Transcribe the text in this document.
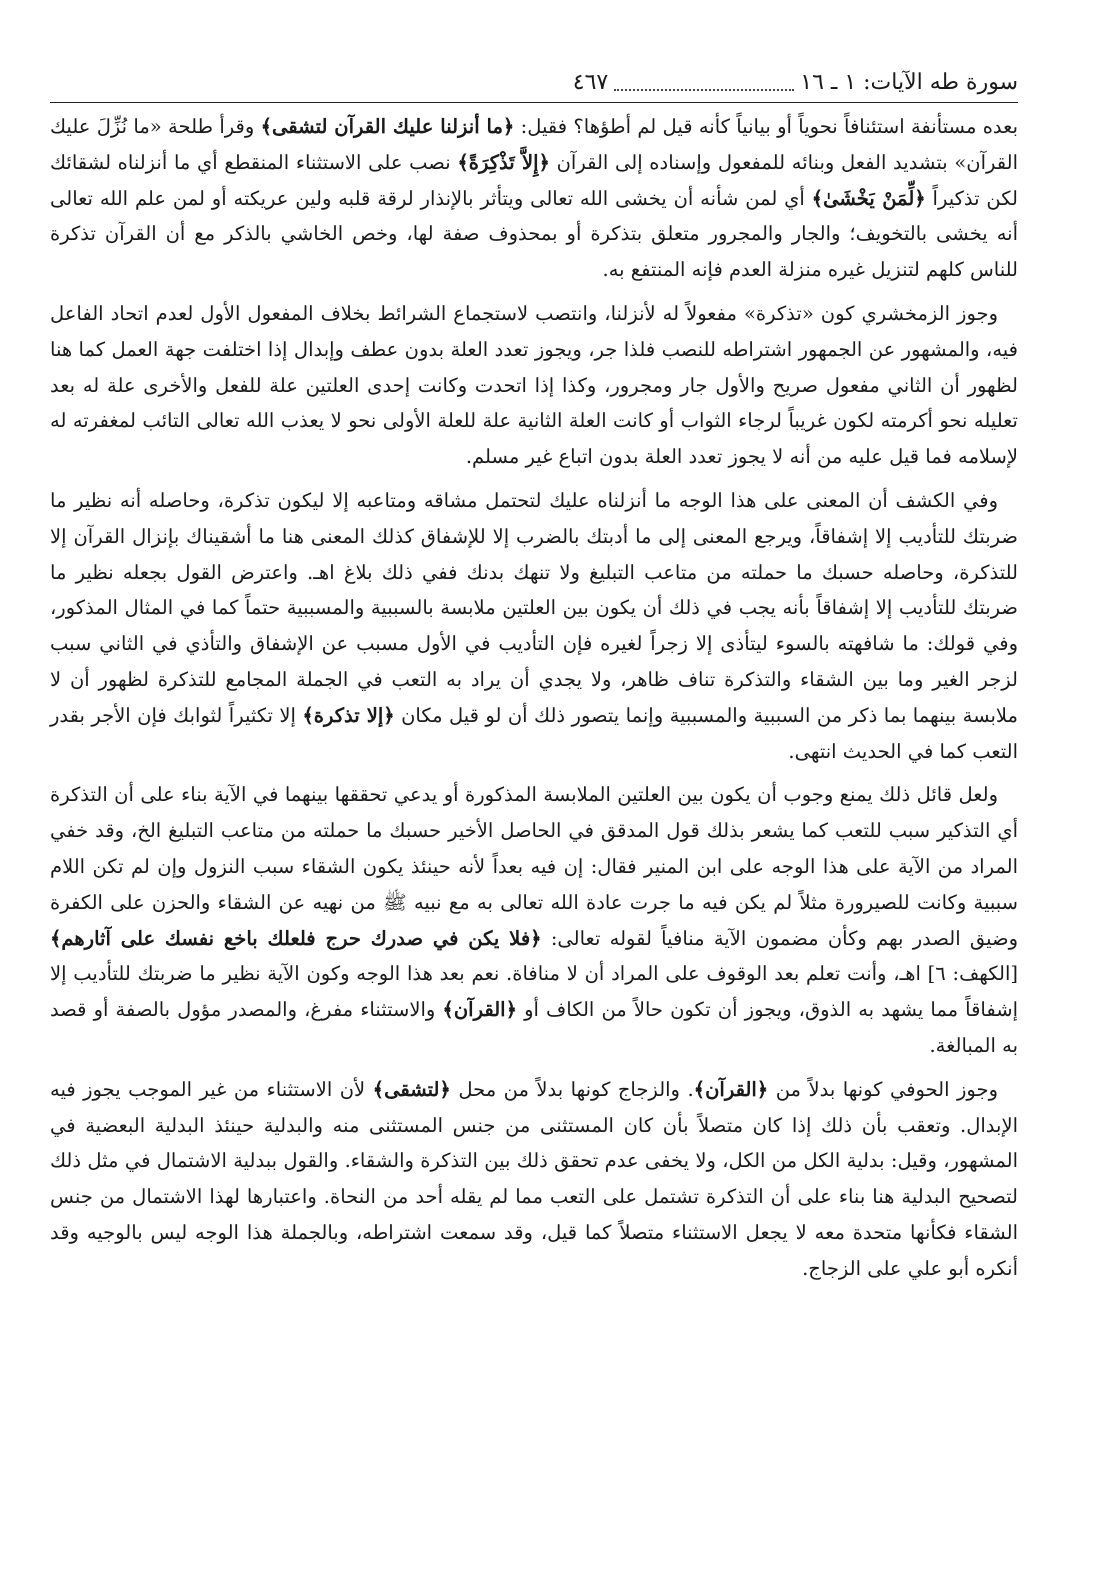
سورة طه الآيات: ١ ـ ١٦
٤٦٧

بعده مستأنفة استئنافاً نحوياً أو بيانياً كأنه قيل لم أطؤها؟ فقيل: ﴿ما أنزلنا عليك القرآن لتشقى﴾ وقرأ طلحة «ما نُزِّلَ عليك القرآن» بتشديد الفعل وبنائه للمفعول وإسناده إلى القرآن ﴿إِلاَّ تَذْكِرَةً﴾ نصب على الاستثناء المنقطع أي ما أنزلناه لشقائك لكن تذكيراً ﴿لِّمَنْ يَخْشَىٰ﴾ أي لمن شأنه أن يخشى الله تعالى ويتأثر بالإنذار لرقة قلبه ولين عريكته أو لمن علم الله تعالى أنه يخشى بالتخويف؛ والجار والمجرور متعلق بتذكرة أو بمحذوف صفة لها، وخص الخاشي بالذكر مع أن القرآن تذكرة للناس كلهم لتنزيل غيره منزلة العدم فإنه المنتفع به.

وجوز الزمخشري كون «تذكرة» مفعولاً له لأنزلنا، وانتصب لاستجماع الشرائط بخلاف المفعول الأول لعدم اتحاد الفاعل فيه، والمشهور عن الجمهور اشتراطه للنصب فلذا جر، ويجوز تعدد العلة بدون عطف وإبدال إذا اختلفت جهة العمل كما هنا لظهور أن الثاني مفعول صريح والأول جار ومجرور، وكذا إذا اتحدت وكانت إحدى العلتين علة للفعل والأخرى علة له بعد تعليله نحو أكرمته لكون غريباً لرجاء الثواب أو كانت العلة الثانية علة للعلة الأولى نحو لا يعذب الله تعالى التائب لمغفرته له لإسلامه فما قيل عليه من أنه لا يجوز تعدد العلة بدون اتباع غير مسلم.

وفي الكشف أن المعنى على هذا الوجه ما أنزلناه عليك لتحتمل مشاقه ومتاعبه إلا ليكون تذكرة، وحاصله أنه نظير ما ضربتك للتأديب إلا إشفاقاً، ويرجع المعنى إلى ما أدبتك بالضرب إلا للإشفاق كذلك المعنى هنا ما أشقيناك بإنزال القرآن إلا للتذكرة، وحاصله حسبك ما حملته من متاعب التبليغ ولا تنهك بدنك ففي ذلك بلاغ اهـ. واعترض القول بجعله نظير ما ضربتك للتأديب إلا إشفاقاً بأنه يجب في ذلك أن يكون بين العلتين ملابسة بالسببية والمسببية حتماً كما في المثال المذكور، وفي قولك: ما شافهته بالسوء ليتأذى إلا زجراً لغيره فإن التأديب في الأول مسبب عن الإشفاق والتأذي في الثاني سبب لزجر الغير وما بين الشقاء والتذكرة تناف ظاهر، ولا يجدي أن يراد به التعب في الجملة المجامع للتذكرة لظهور أن لا ملابسة بينهما بما ذكر من السببية والمسببية وإنما يتصور ذلك أن لو قيل مكان ﴿إلا تذكرة﴾ إلا تكثيراً لثوابك فإن الأجر بقدر التعب كما في الحديث انتهى.

ولعل قائل ذلك يمنع وجوب أن يكون بين العلتين الملابسة المذكورة أو يدعي تحققها بينهما في الآية بناء على أن التذكرة أي التذكير سبب للتعب كما يشعر بذلك قول المدقق في الحاصل الأخير حسبك ما حملته من متاعب التبليغ الخ، وقد خفي المراد من الآية على هذا الوجه على ابن المنير فقال: إن فيه بعداً لأنه حينئذ يكون الشقاء سبب النزول وإن لم تكن اللام سببية وكانت للصيرورة مثلاً لم يكن فيه ما جرت عادة الله تعالى به مع نبيه ﷺ من نهيه عن الشقاء والحزن على الكفرة وضيق الصدر بهم وكأن مضمون الآية منافياً لقوله تعالى: ﴿فلا يكن في صدرك حرج فلعلك باخع نفسك على آثارهم﴾ [الكهف: ٦] اهـ، وأنت تعلم بعد الوقوف على المراد أن لا منافاة. نعم بعد هذا الوجه وكون الآية نظير ما ضربتك للتأديب إلا إشفاقاً مما يشهد به الذوق، ويجوز أن تكون حالاً من الكاف أو ﴿القرآن﴾ والاستثناء مفرغ، والمصدر مؤول بالصفة أو قصد به المبالغة.

وجوز الحوفي كونها بدلاً من ﴿القرآن﴾. والزجاج كونها بدلاً من محل ﴿لتشقى﴾ لأن الاستثناء من غير الموجب يجوز فيه الإبدال. وتعقب بأن ذلك إذا كان متصلاً بأن كان المستثنى من جنس المستثنى منه والبدلية حينئذ البدلية البعضية في المشهور، وقيل: بدلية الكل من الكل، ولا يخفى عدم تحقق ذلك بين التذكرة والشقاء. والقول ببدلية الاشتمال في مثل ذلك لتصحيح البدلية هنا بناء على أن التذكرة تشتمل على التعب مما لم يقله أحد من النحاة. واعتبارها لهذا الاشتمال من جنس الشقاء فكأنها متحدة معه لا يجعل الاستثناء متصلاً كما قيل، وقد سمعت اشتراطه، وبالجملة هذا الوجه ليس بالوجيه وقد أنكره أبو علي على الزجاج.
